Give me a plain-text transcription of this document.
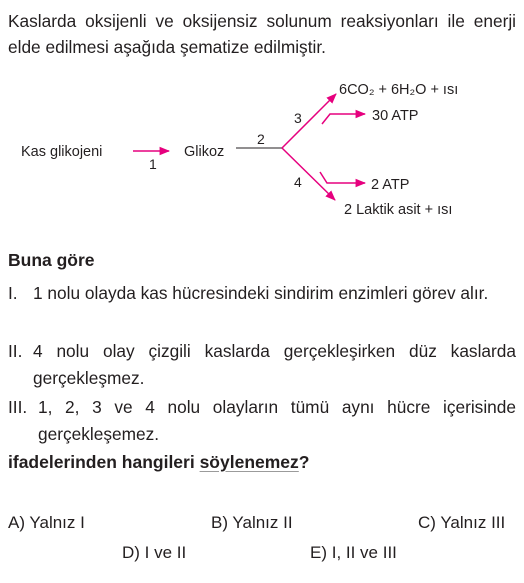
Kaslarda oksijenli ve oksijensiz solunum reaksiyonları ile enerji elde edilmesi aşağıda şematize edilmiştir.

Kas glikojeni
1
Glikoz
2
3
6CO₂ + 6H₂O + ısı
30 ATP
4	2 ATP
2 Laktik asit + ısı
Buna göre
I. 1 nolu olayda kas hücresindeki sindirim enzimleri görev alır.
II. 4 nolu olay çizgili kaslarda gerçekleşirken düz kaslarda gerçekleşmez.
III. 1, 2, 3 ve 4 nolu olayların tümü aynı hücre içerisinde gerçekleşemez.
ifadelerinden hangileri söylenemez?
A) Yalnız I	B) Yalnız II	C) Yalnız III
D) I ve II	E) I, II ve III
